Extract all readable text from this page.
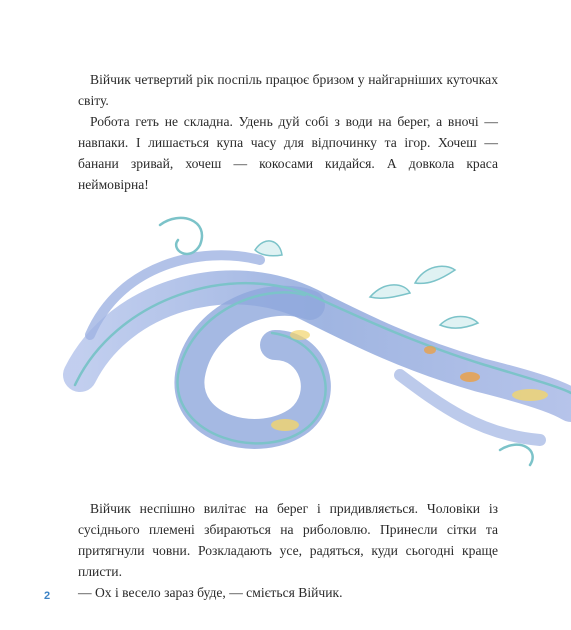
Війчик четвертий рік поспіль працює бризом у найгарніших куточках світу.

Робота геть не складна. Удень дуй собі з води на берег, а вночі — навпаки. І лишається купа часу для відпочинку та ігор. Хочеш — банани зривай, хочеш — кокосами кидайся. А довкола краса неймовірна!

Війчик неспішно вилітає на берег і придивляється. Чоловіки із сусіднього племені збираються на риболовлю. Принесли сітки та притягнули човни. Розкладають усе, радяться, куди сьогодні краще плисти.

— Ох і весело зараз буде, — сміється Війчик.

2
